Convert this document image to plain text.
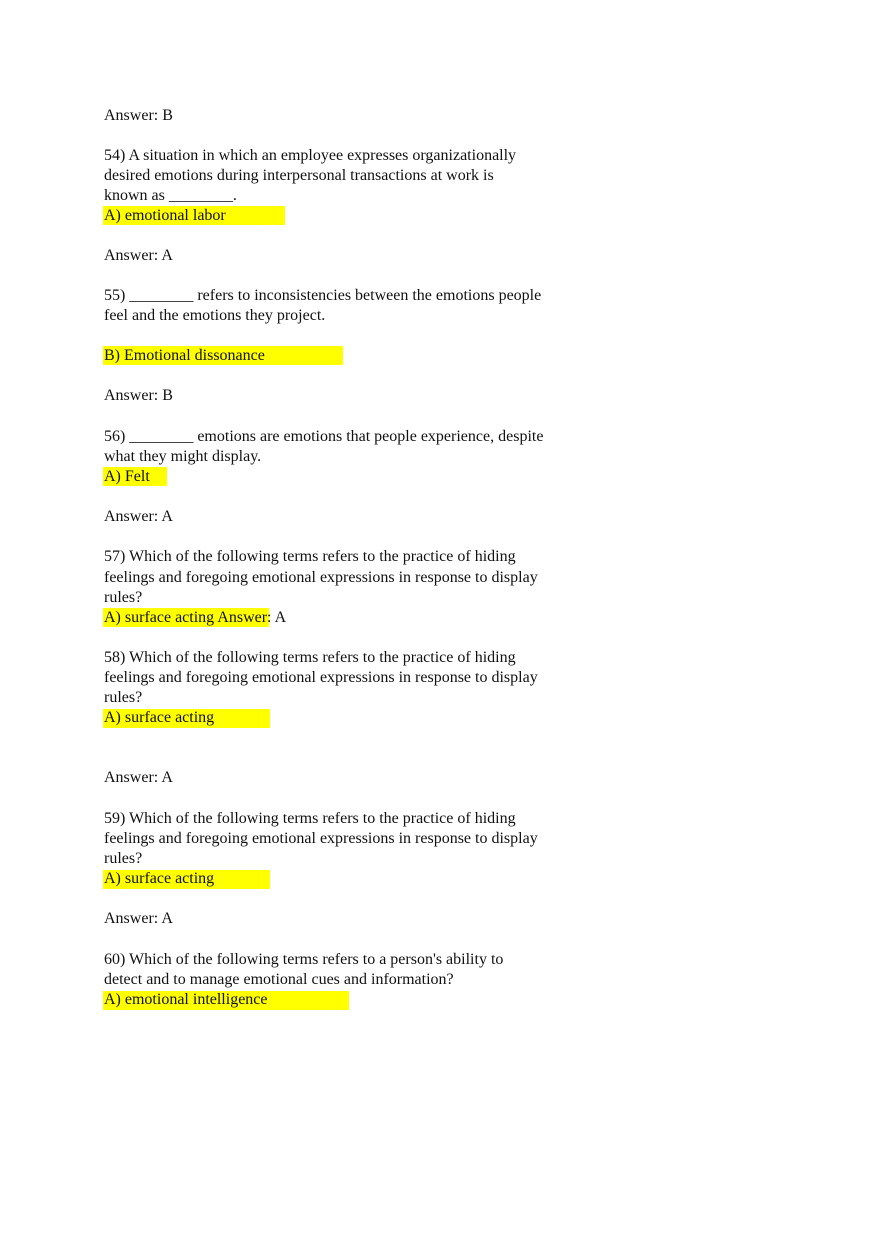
Answer: B
54) A situation in which an employee expresses organizationally
desired emotions during interpersonal transactions at work is
known as ________.
A) emotional labor
Answer: A
55) ________ refers to inconsistencies between the emotions people
feel and the emotions they project.
B) Emotional dissonance
Answer: B
56) ________ emotions are emotions that people experience, despite
what they might display.
A) Felt
Answer: A
57) Which of the following terms refers to the practice of hiding
feelings and foregoing emotional expressions in response to display
rules?
A) surface acting Answer: A
58) Which of the following terms refers to the practice of hiding
feelings and foregoing emotional expressions in response to display
rules?
A) surface acting
Answer: A
59) Which of the following terms refers to the practice of hiding
feelings and foregoing emotional expressions in response to display
rules?
A) surface acting
Answer: A
60) Which of the following terms refers to a person's ability to
detect and to manage emotional cues and information?
A) emotional intelligence
